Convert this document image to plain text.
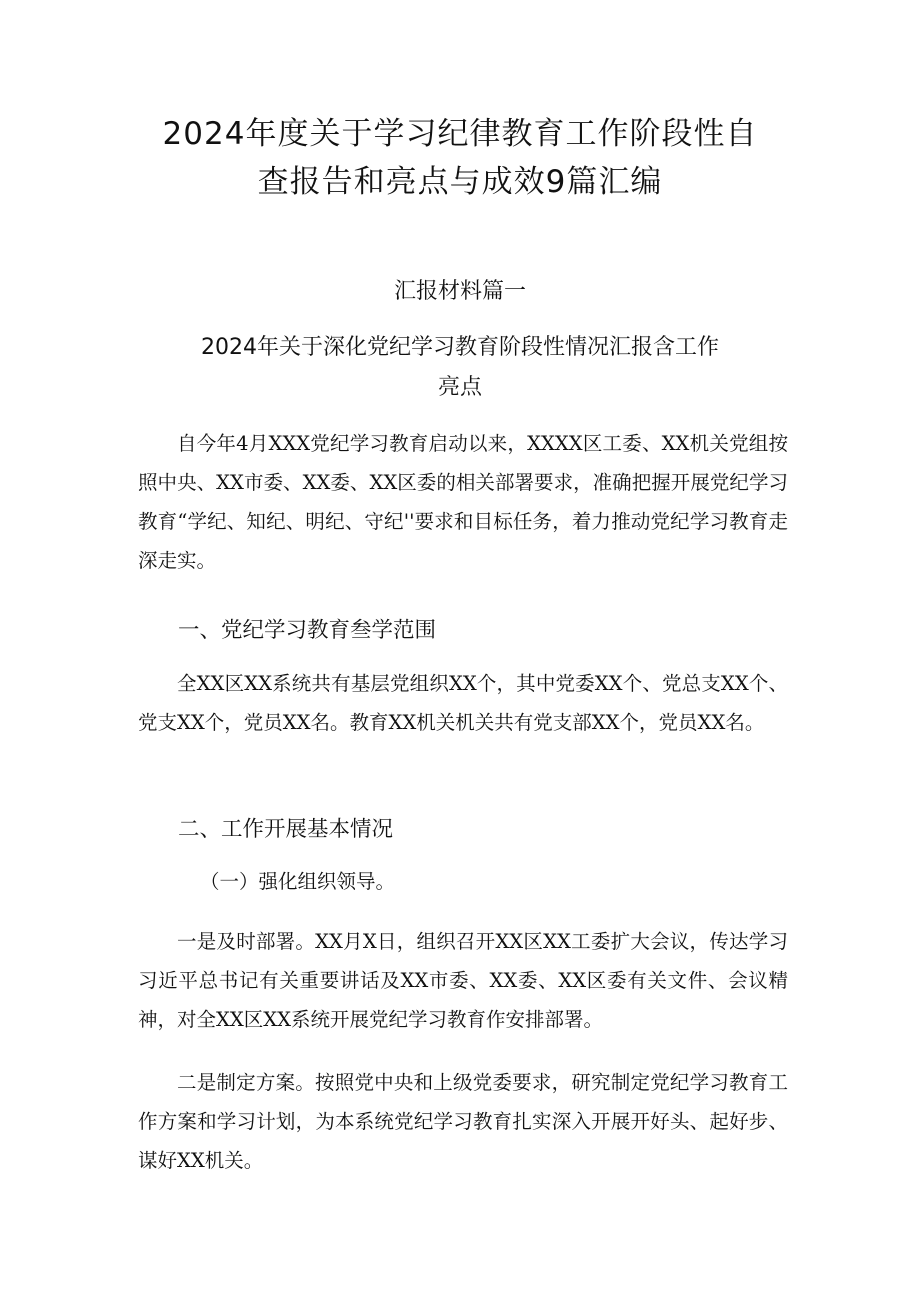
2024年度关于学习纪律教育工作阶段性自
查报告和亮点与成效9篇汇编
汇报材料篇一
2024年关于深化党纪学习教育阶段性情况汇报含工作
亮点

自今年4月XXX党纪学习教育启动以来，XXXX区工委、XX机关党组按照中央、XX市委、XX委、XX区委的相关部署要求，准确把握开展党纪学习教育“学纪、知纪、明纪、守纪''要求和目标任务，着力推动党纪学习教育走深走实。

一、党纪学习教育叁学范围

全XX区XX系统共有基层党组织XX个，其中党委XX个、党总支XX个、党支XX个，党员XX名。教育XX机关机关共有党支部XX个，党员XX名。

二、工作开展基本情况
（一）强化组织领导。

一是及时部署。XX月X日，组织召开XX区XX工委扩大会议，传达学习习近平总书记有关重要讲话及XX市委、XX委、XX区委有关文件、会议精神，对全XX区XX系统开展党纪学习教育作安排部署。

二是制定方案。按照党中央和上级党委要求，研究制定党纪学习教育工作方案和学习计划，为本系统党纪学习教育扎实深入开展开好头、起好步、谋好XX机关。
